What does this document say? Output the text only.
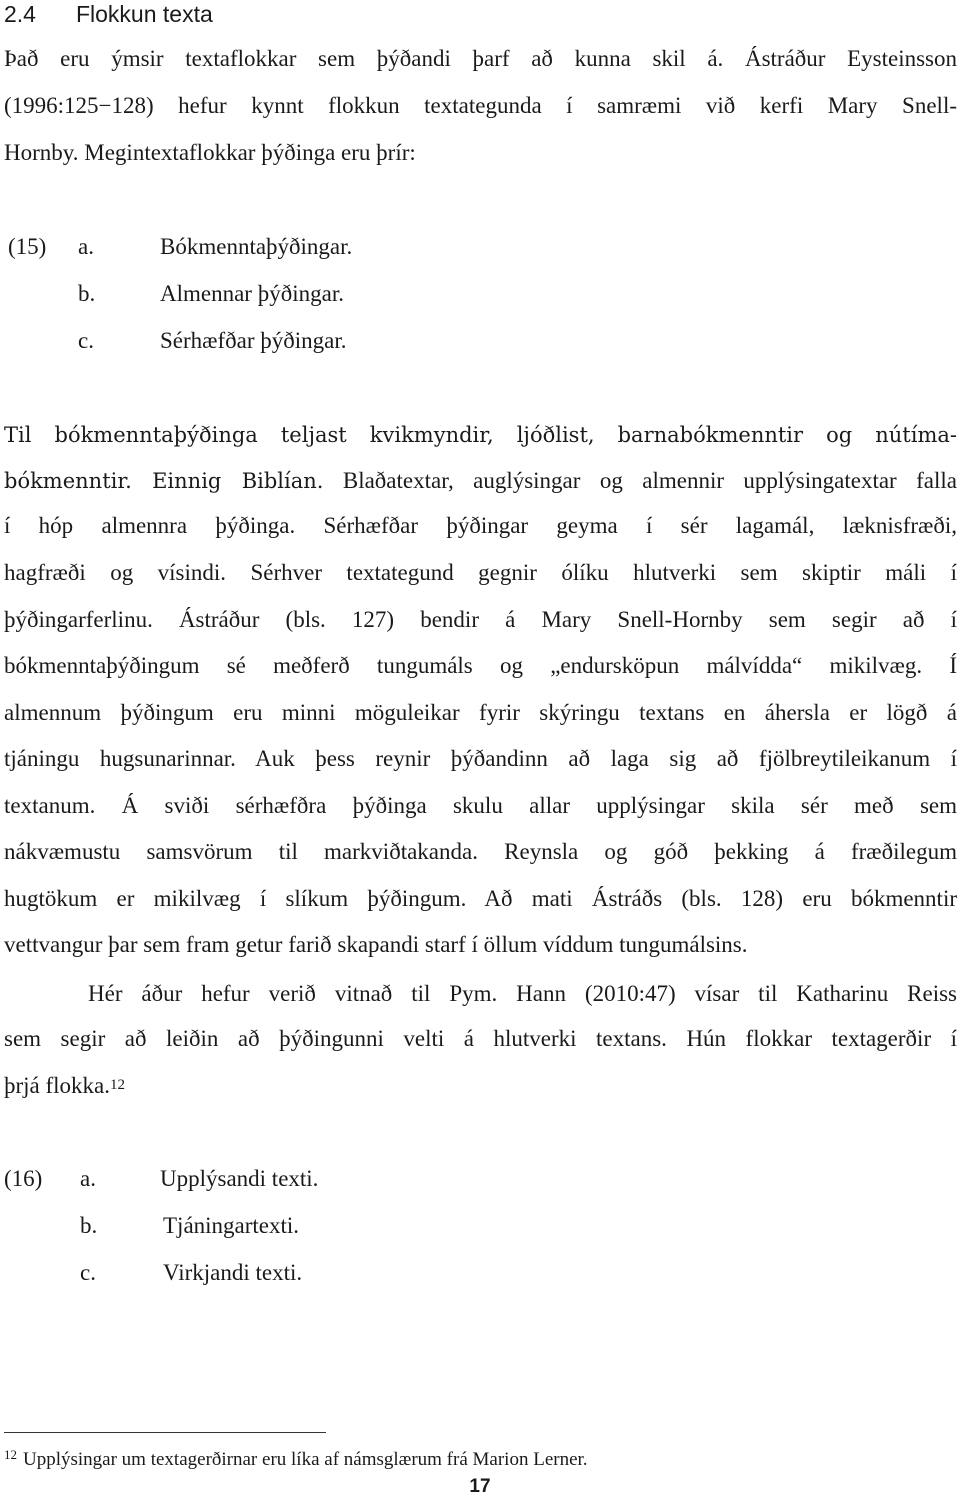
2.4 Flokkun texta
Það eru ýmsir textaflokkar sem þýðandi þarf að kunna skil á. Ástráður Eysteinsson
(1996:125−128) hefur kynnt flokkun textategunda í samræmi við kerfi Mary Snell-
Hornby. Megintextaflokkar þýðinga eru þrír:
(15) a.	Bókmenntaþýðingar.
b.	Almennar þýðingar.
c.	Sérhæfðar þýðingar.
Til bókmenntaþýðinga teljast kvikmyndir, ljóðlist, barnabókmenntir og nútíma-
bókmenntir. Einnig Biblían. Blaðatextar, auglýsingar og almennir upplýsingatextar falla
í hóp almennra þýðinga. Sérhæfðar þýðingar geyma í sér lagamál, læknisfræði,
hagfræði og vísindi. Sérhver textategund gegnir ólíku hlutverki sem skiptir máli í
þýðingarferlinu. Ástráður (bls. 127) bendir á Mary Snell-Hornby sem segir að í
bókmenntaþýðingum sé meðferð tungumáls og „endursköpun málvídda“ mikilvæg. Í
almennum þýðingum eru minni möguleikar fyrir skýringu textans en áhersla er lögð á
tjáningu hugsunarinnar. Auk þess reynir þýðandinn að laga sig að fjölbreytileikanum í
textanum. Á sviði sérhæfðra þýðinga skulu allar upplýsingar skila sér með sem
nákvæmustu samsvörum til markviðtakanda. Reynsla og góð þekking á fræðilegum
hugtökum er mikilvæg í slíkum þýðingum. Að mati Ástráðs (bls. 128) eru bókmenntir
vettvangur þar sem fram getur farið skapandi starf í öllum víddum tungumálsins.
Hér áður hefur verið vitnað til Pym. Hann (2010:47) vísar til Katharinu Reiss
sem segir að leiðin að þýðingunni velti á hlutverki textans. Hún flokkar textagerðir í
þrjá flokka.$^{12}$
(16) a.	Upplýsandi texti.
b.	Tjáningartexti.
c.	Virkjandi texti.
$^{12}$ Upplýsingar um textagerðirnar eru líka af námsglærum frá Marion Lerner.
17
